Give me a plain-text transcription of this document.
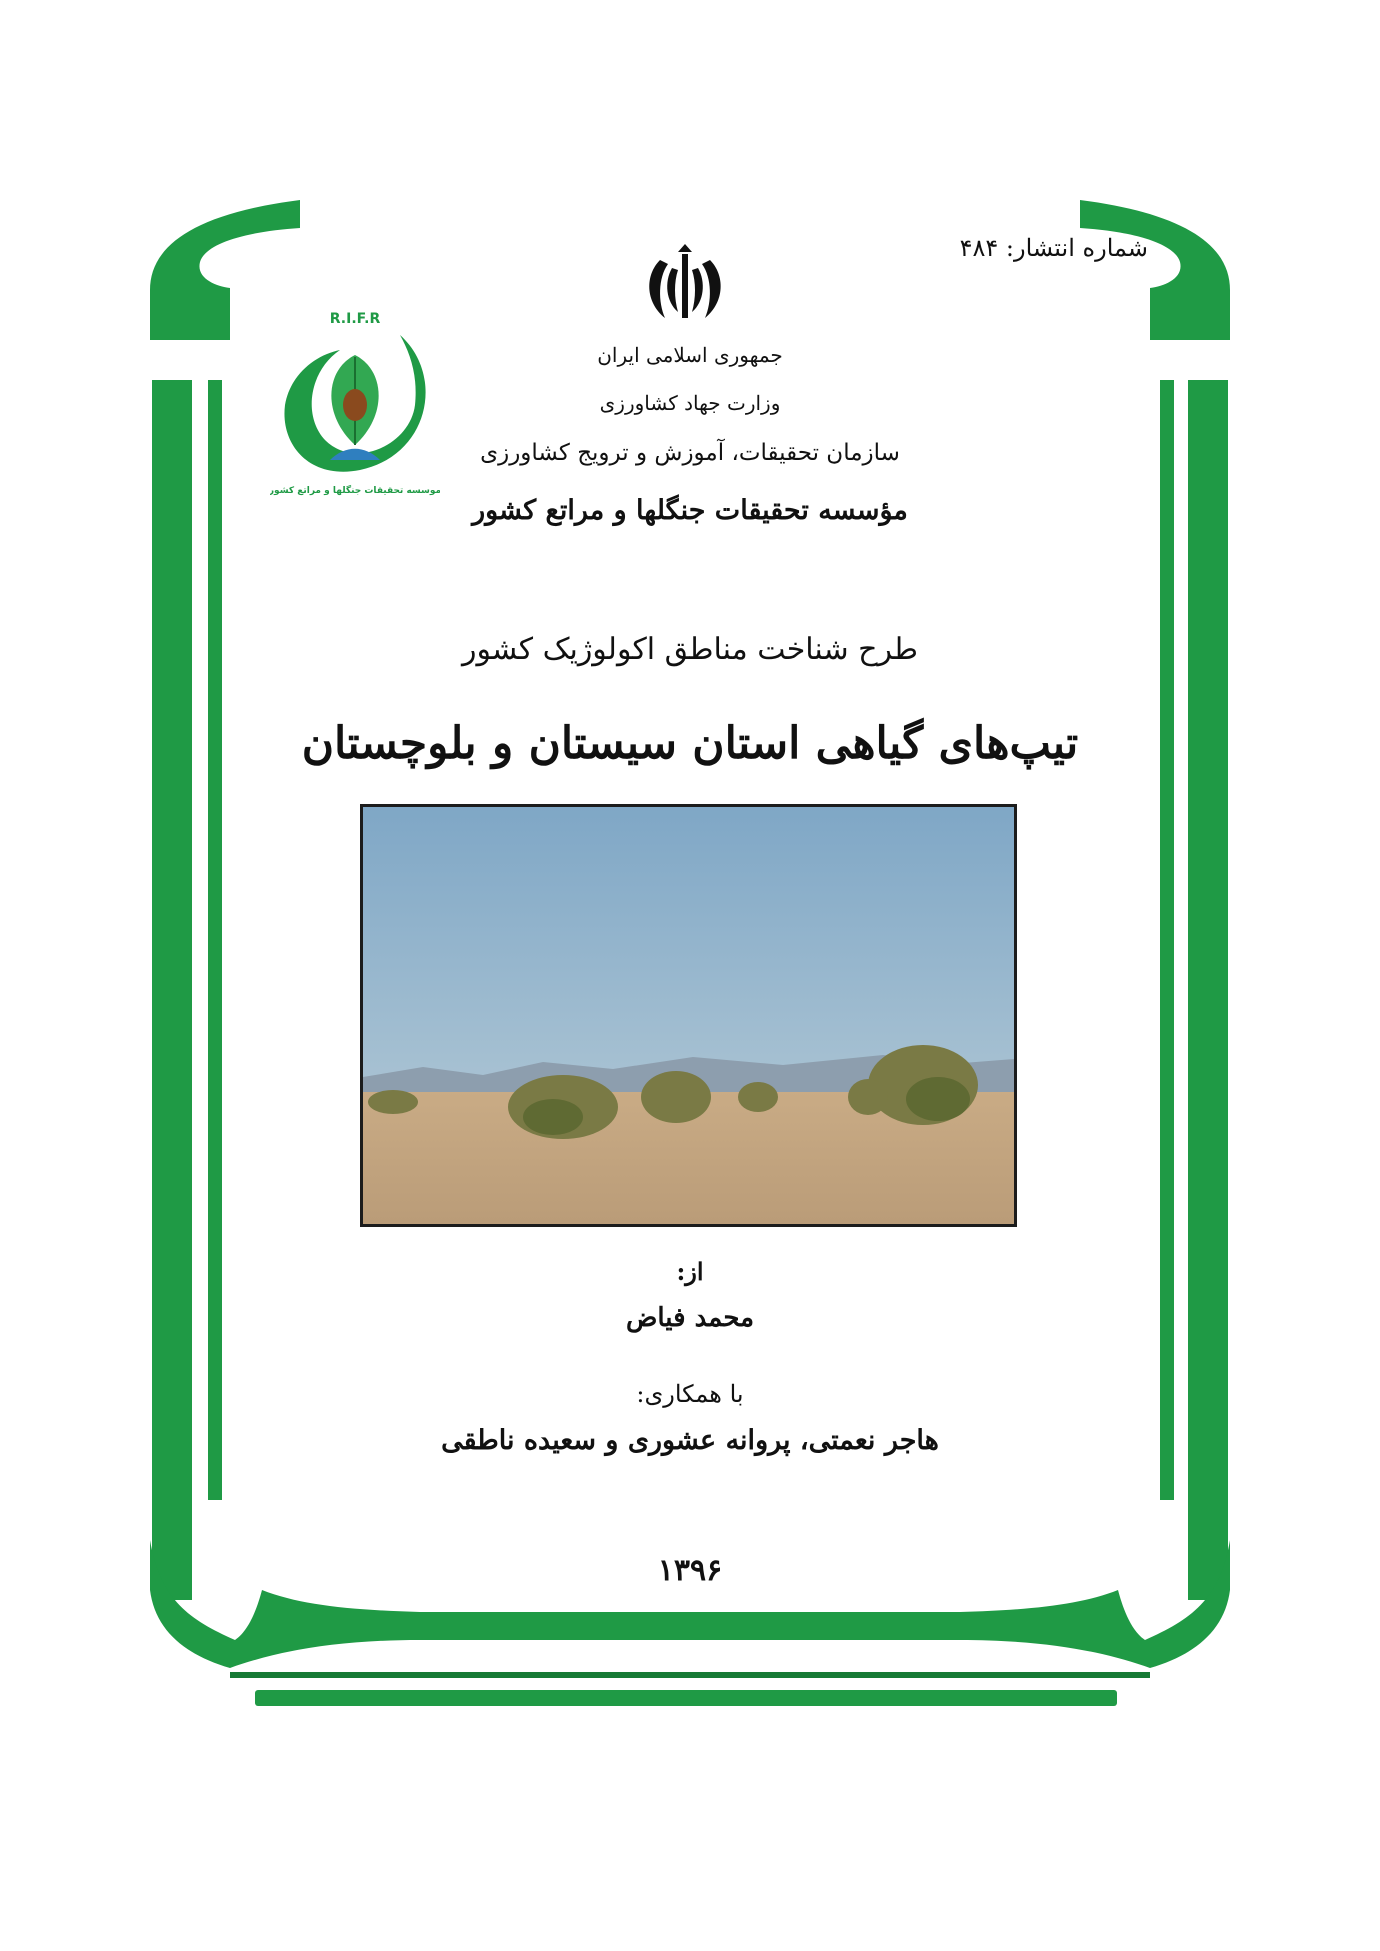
شماره انتشار: ۴۸۴
R.I.F.R
موسسه تحقیقات جنگلها و مراتع کشور
جمهوری اسلامی ایران
وزارت جهاد کشاورزی
سازمان تحقیقات، آموزش و ترویج کشاورزی
مؤسسه تحقیقات جنگلها و مراتع کشور
طرح شناخت مناطق اکولوژیک کشور
تیپ‌های گیاهی استان سیستان و بلوچستان
از:
محمد فیاض
با همکاری:
هاجر نعمتی، پروانه عشوری و سعیده ناطقی
۱۳۹۶
